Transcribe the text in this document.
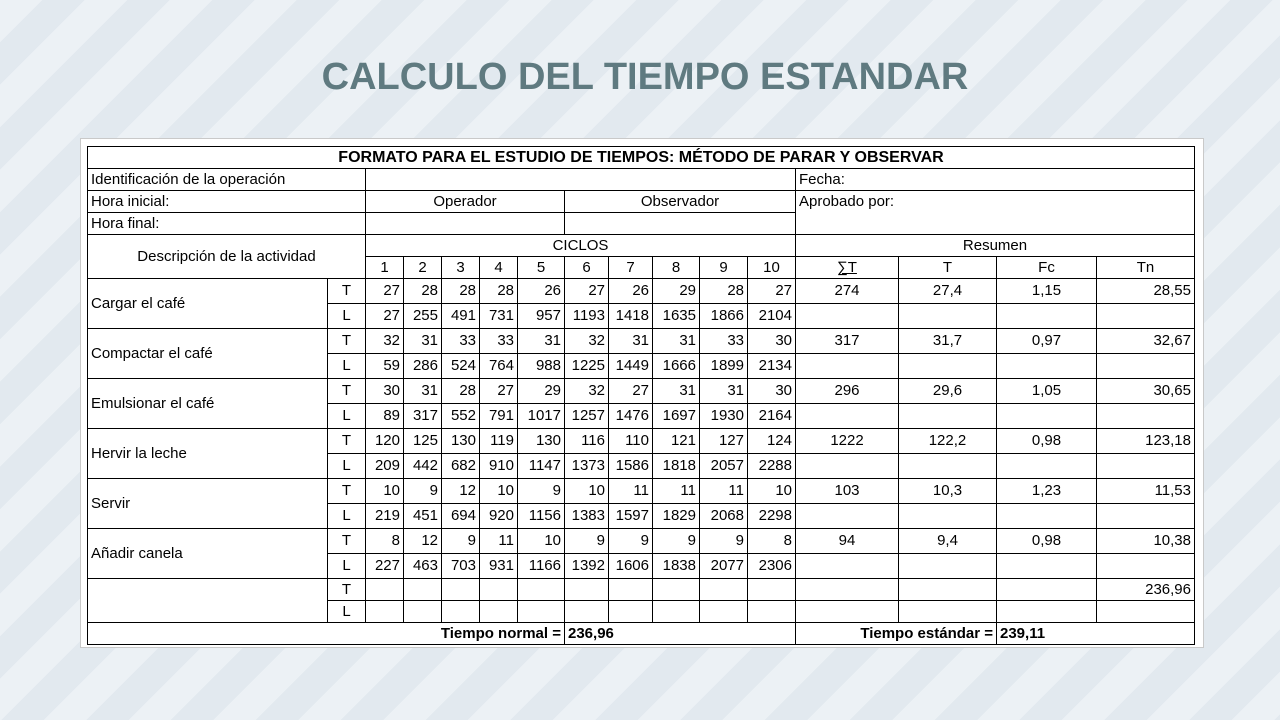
CALCULO DEL TIEMPO ESTANDAR
FORMATO PARA EL ESTUDIO DE TIEMPOS: MÉTODO DE PARAR Y OBSERVAR															
Identificación de la operación												Fecha:			
Hora inicial:		Operador					Observador					Aprobado por:			
Hora final:															
Descripción de la actividad		CICLOS										Resumen			
		1	2	3	4	5	6	7	8	9	10	∑T	T	Fc	Tn
Cargar el café	T	27	28	28	28	26	27	26	29	28	27	274	27,4	1,15	28,55
	L	27	255	491	731	957	1193	1418	1635	1866	2104				
Compactar el café	T	32	31	33	33	31	32	31	31	33	30	317	31,7	0,97	32,67
	L	59	286	524	764	988	1225	1449	1666	1899	2134				
Emulsionar el café	T	30	31	28	27	29	32	27	31	31	30	296	29,6	1,05	30,65
	L	89	317	552	791	1017	1257	1476	1697	1930	2164				
Hervir la leche	T	120	125	130	119	130	116	110	121	127	124	1222	122,2	0,98	123,18
	L	209	442	682	910	1147	1373	1586	1818	2057	2288				
Servir	T	10	9	12	10	9	10	11	11	11	10	103	10,3	1,23	11,53
	L	219	451	694	920	1156	1383	1597	1829	2068	2298				
Añadir canela	T	8	12	9	11	10	9	9	9	9	8	94	9,4	0,98	10,38
	L	227	463	703	931	1166	1392	1606	1838	2077	2306				
	T														236,96
	L														
Tiempo normal =							236,96					Tiempo estándar =		239,11	
